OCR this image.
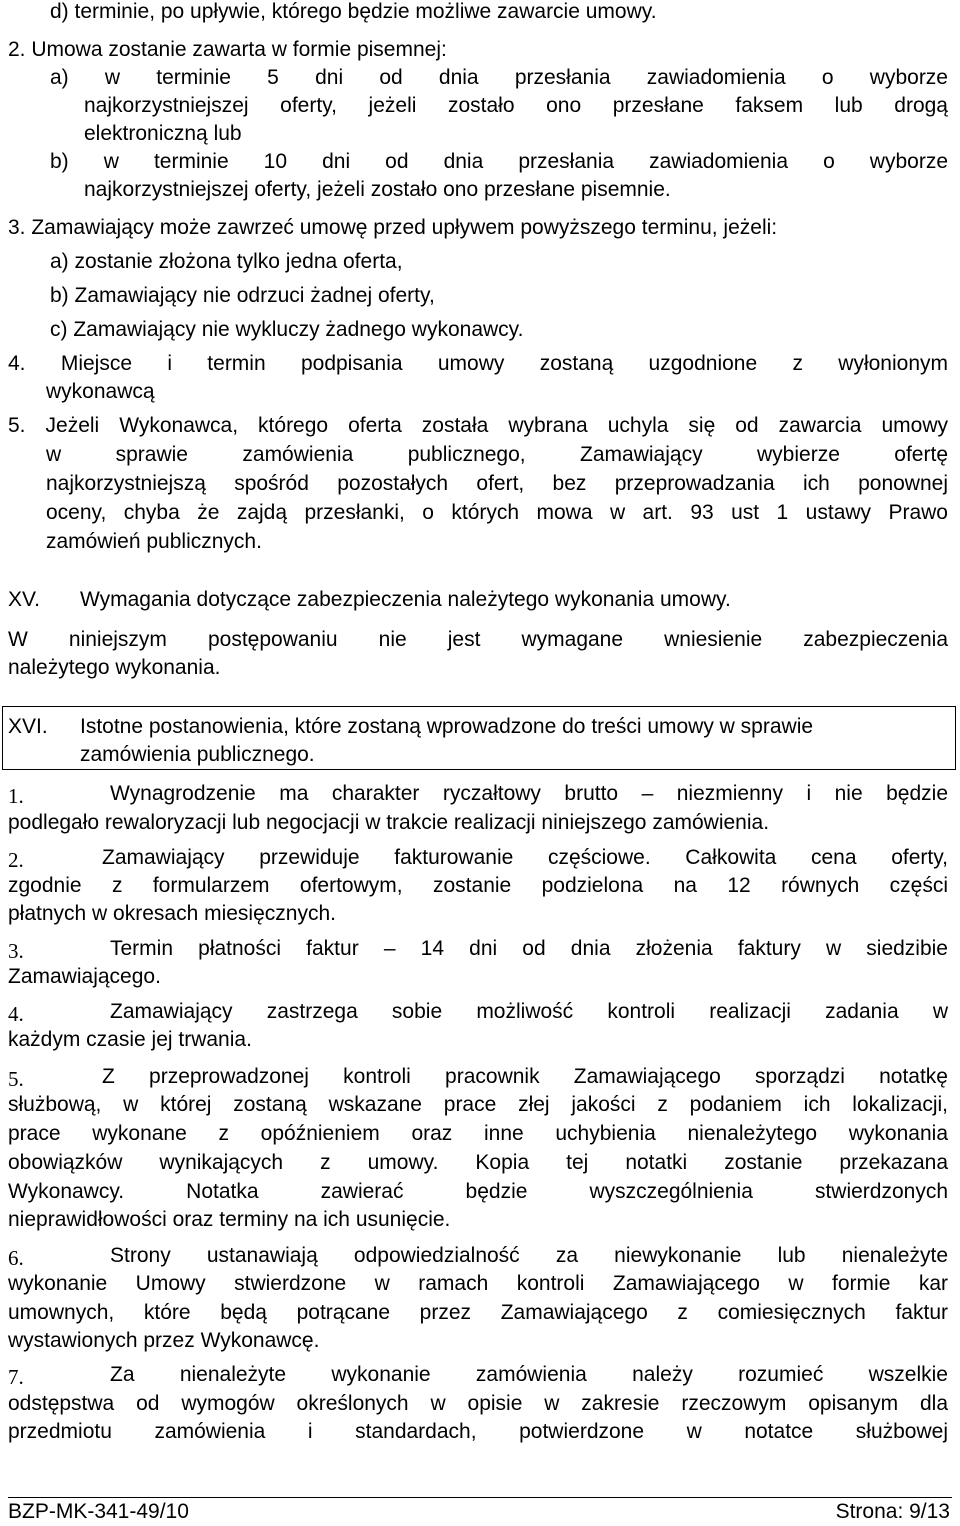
d) terminie, po upływie, którego będzie możliwe zawarcie umowy.
2. Umowa zostanie zawarta w formie pisemnej:
a) w terminie 5 dni od dnia przesłania zawiadomienia o wyborze
najkorzystniejszej oferty, jeżeli zostało ono przesłane faksem lub drogą
elektroniczną lub
b) w terminie 10 dni od dnia przesłania zawiadomienia o wyborze
najkorzystniejszej oferty, jeżeli zostało ono przesłane pisemnie.
3. Zamawiający może zawrzeć umowę przed upływem powyższego terminu, jeżeli:
a) zostanie złożona tylko jedna oferta,
b) Zamawiający nie odrzuci żadnej oferty,
c) Zamawiający nie wykluczy żadnego wykonawcy.
4. Miejsce i termin podpisania umowy zostaną uzgodnione z wyłonionym
wykonawcą
5. Jeżeli Wykonawca, którego oferta została wybrana uchyla się od zawarcia umowy
w sprawie zamówienia publicznego, Zamawiający wybierze ofertę
najkorzystniejszą spośród pozostałych ofert, bez przeprowadzania ich ponownej
oceny, chyba że zajdą przesłanki, o których mowa w art. 93 ust 1 ustawy Prawo
zamówień publicznych.
XV. Wymagania dotyczące zabezpieczenia należytego wykonania umowy.
W niniejszym postępowaniu nie jest wymagane wniesienie zabezpieczenia
należytego wykonania.
XVI. Istotne postanowienia, które zostaną wprowadzone do treści umowy w sprawie
zamówienia publicznego.
1.	Wynagrodzenie ma charakter ryczałtowy brutto – niezmienny i nie będzie
podlegało rewaloryzacji lub negocjacji w trakcie realizacji niniejszego zamówienia.
2.	Zamawiający przewiduje fakturowanie częściowe. Całkowita cena oferty,
zgodnie z formularzem ofertowym, zostanie podzielona na 12 równych części
płatnych w okresach miesięcznych.
3.	Termin płatności faktur – 14 dni od dnia złożenia faktury w siedzibie
Zamawiającego.
4.	Zamawiający zastrzega sobie możliwość kontroli realizacji zadania w
każdym czasie jej trwania.
5.	Z przeprowadzonej kontroli pracownik Zamawiającego sporządzi notatkę
służbową, w której zostaną wskazane prace złej jakości z podaniem ich lokalizacji,
prace wykonane z opóźnieniem oraz inne uchybienia nienależytego wykonania
obowiązków wynikających z umowy. Kopia tej notatki zostanie przekazana
Wykonawcy. Notatka zawierać będzie wyszczególnienia stwierdzonych
nieprawidłowości oraz terminy na ich usunięcie.
6.	Strony ustanawiają odpowiedzialność za niewykonanie lub nienależyte
wykonanie Umowy stwierdzone w ramach kontroli Zamawiającego w formie kar
umownych, które będą potrącane przez Zamawiającego z comiesięcznych faktur
wystawionych przez Wykonawcę.
7.	Za nienależyte wykonanie zamówienia należy rozumieć wszelkie
odstępstwa od wymogów określonych w opisie w zakresie rzeczowym opisanym dla
przedmiotu zamówienia i standardach, potwierdzone w notatce służbowej
BZP-MK-341-49/10	Strona: 9/13
